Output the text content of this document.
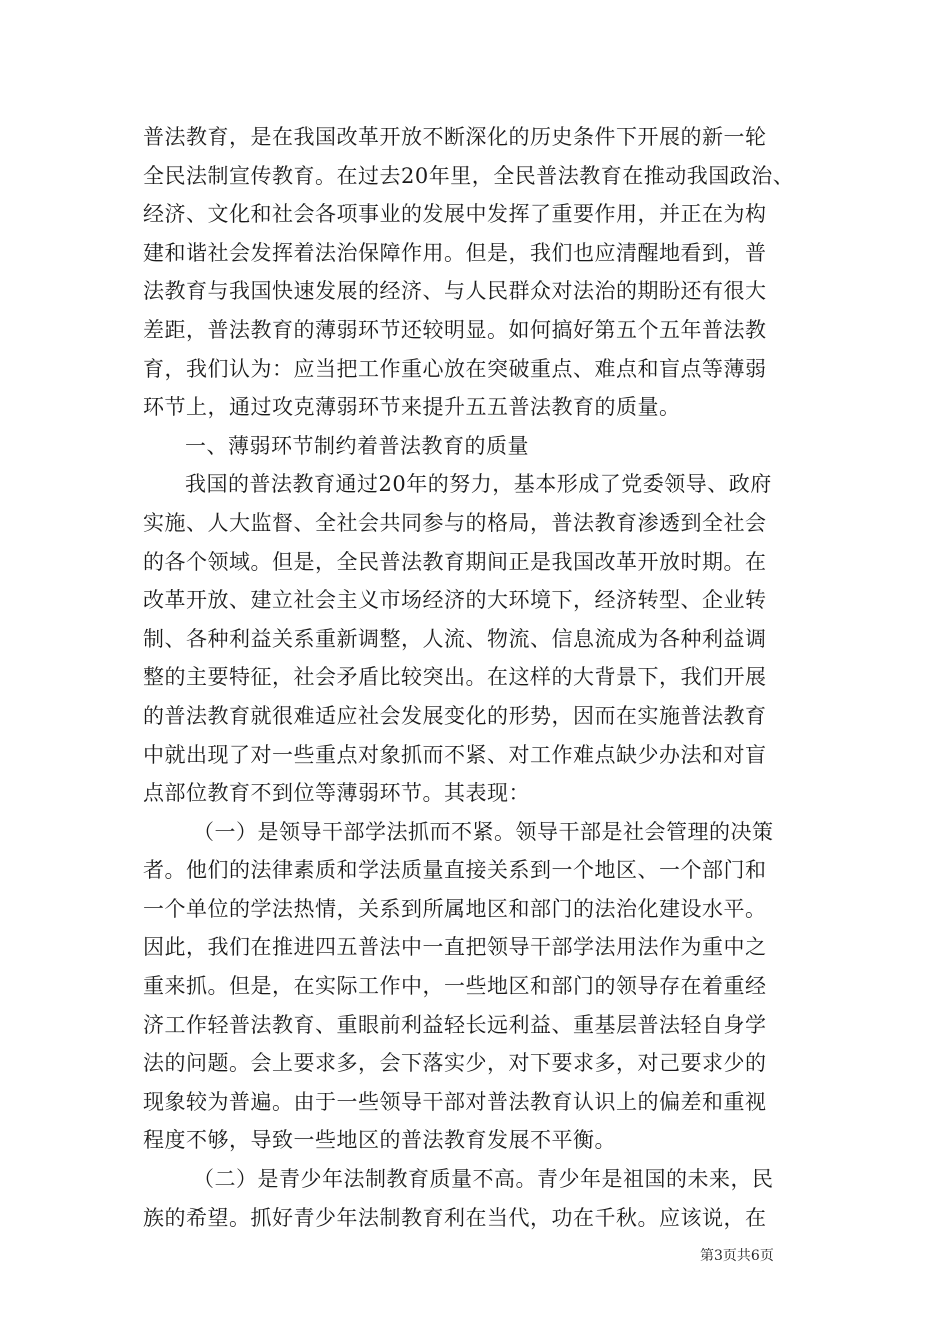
普法教育，是在我国改革开放不断深化的历史条件下开展的新一轮
全民法制宣传教育。在过去20年里，全民普法教育在推动我国政治、
经济、文化和社会各项事业的发展中发挥了重要作用，并正在为构
建和谐社会发挥着法治保障作用。但是，我们也应清醒地看到，普
法教育与我国快速发展的经济、与人民群众对法治的期盼还有很大
差距，普法教育的薄弱环节还较明显。如何搞好第五个五年普法教
育，我们认为：应当把工作重心放在突破重点、难点和盲点等薄弱
环节上，通过攻克薄弱环节来提升五五普法教育的质量。
一、薄弱环节制约着普法教育的质量
我国的普法教育通过20年的努力，基本形成了党委领导、政府
实施、人大监督、全社会共同参与的格局，普法教育渗透到全社会
的各个领域。但是，全民普法教育期间正是我国改革开放时期。在
改革开放、建立社会主义市场经济的大环境下，经济转型、企业转
制、各种利益关系重新调整，人流、物流、信息流成为各种利益调
整的主要特征，社会矛盾比较突出。在这样的大背景下，我们开展
的普法教育就很难适应社会发展变化的形势，因而在实施普法教育
中就出现了对一些重点对象抓而不紧、对工作难点缺少办法和对盲
点部位教育不到位等薄弱环节。其表现：
（一）是领导干部学法抓而不紧。领导干部是社会管理的决策
者。他们的法律素质和学法质量直接关系到一个地区、一个部门和
一个单位的学法热情，关系到所属地区和部门的法治化建设水平。
因此，我们在推进四五普法中一直把领导干部学法用法作为重中之
重来抓。但是，在实际工作中，一些地区和部门的领导存在着重经
济工作轻普法教育、重眼前利益轻长远利益、重基层普法轻自身学
法的问题。会上要求多，会下落实少，对下要求多，对己要求少的
现象较为普遍。由于一些领导干部对普法教育认识上的偏差和重视
程度不够，导致一些地区的普法教育发展不平衡。
（二）是青少年法制教育质量不高。青少年是祖国的未来，民
族的希望。抓好青少年法制教育利在当代，功在千秋。应该说，在
第3页共6页
